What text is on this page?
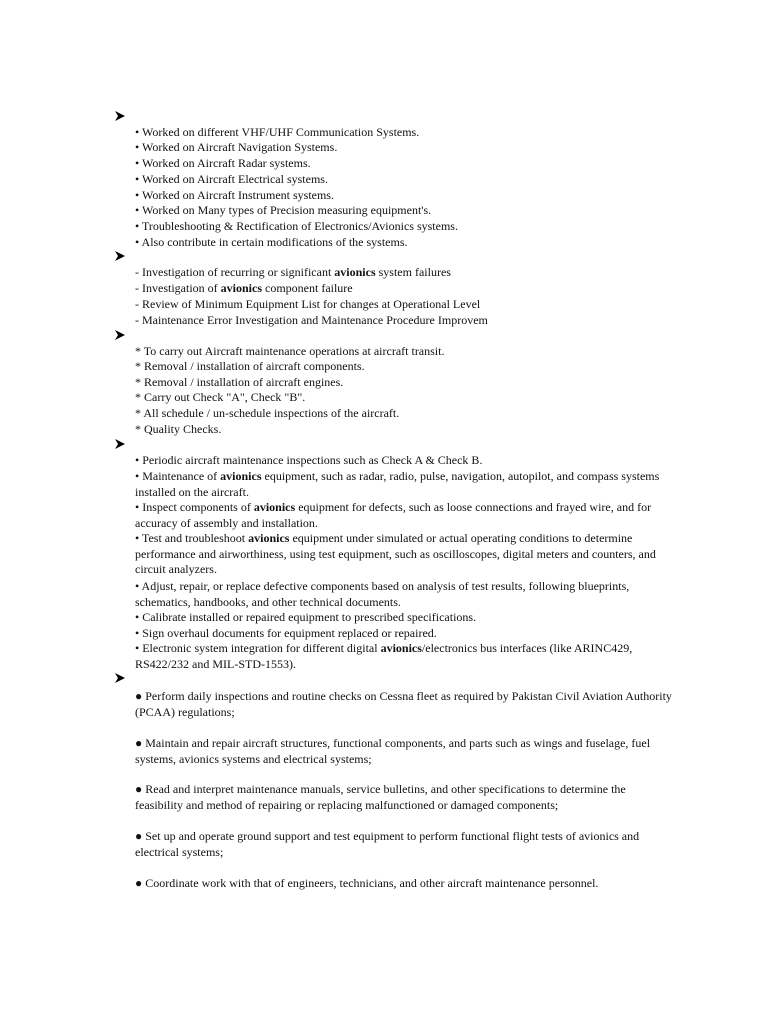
• Worked on different VHF/UHF Communication Systems.
• Worked on Aircraft Navigation Systems.
• Worked on Aircraft Radar systems.
• Worked on Aircraft Electrical systems.
• Worked on Aircraft Instrument systems.
• Worked on Many types of Precision measuring equipment's.
• Troubleshooting & Rectification of Electronics/Avionics systems.
• Also contribute in certain modifications of the systems.
- Investigation of recurring or significant avionics system failures
- Investigation of avionics component failure
- Review of Minimum Equipment List for changes at Operational Level
- Maintenance Error Investigation and Maintenance Procedure Improvem
* To carry out Aircraft maintenance operations at aircraft transit.
* Removal / installation of aircraft components.
* Removal / installation of aircraft engines.
* Carry out Check "A", Check "B".
* All schedule / un-schedule inspections of the aircraft.
* Quality Checks.
• Periodic aircraft maintenance inspections such as Check A & Check B.
• Maintenance of avionics equipment, such as radar, radio, pulse, navigation, autopilot, and compass systems installed on the aircraft.
• Inspect components of avionics equipment for defects, such as loose connections and frayed wire, and for accuracy of assembly and installation.
• Test and troubleshoot avionics equipment under simulated or actual operating conditions to determine performance and airworthiness, using test equipment, such as oscilloscopes, digital meters and counters, and circuit analyzers.
• Adjust, repair, or replace defective components based on analysis of test results, following blueprints, schematics, handbooks, and other technical documents.
• Calibrate installed or repaired equipment to prescribed specifications.
• Sign overhaul documents for equipment replaced or repaired.
• Electronic system integration for different digital avionics/electronics bus interfaces (like ARINC429, RS422/232 and MIL-STD-1553).
● Perform daily inspections and routine checks on Cessna fleet as required by Pakistan Civil Aviation Authority (PCAA) regulations;
● Maintain and repair aircraft structures, functional components, and parts such as wings and fuselage, fuel systems, avionics systems and electrical systems;
● Read and interpret maintenance manuals, service bulletins, and other specifications to determine the feasibility and method of repairing or replacing malfunctioned or damaged components;
● Set up and operate ground support and test equipment to perform functional flight tests of avionics and electrical systems;
● Coordinate work with that of engineers, technicians, and other aircraft maintenance personnel.
